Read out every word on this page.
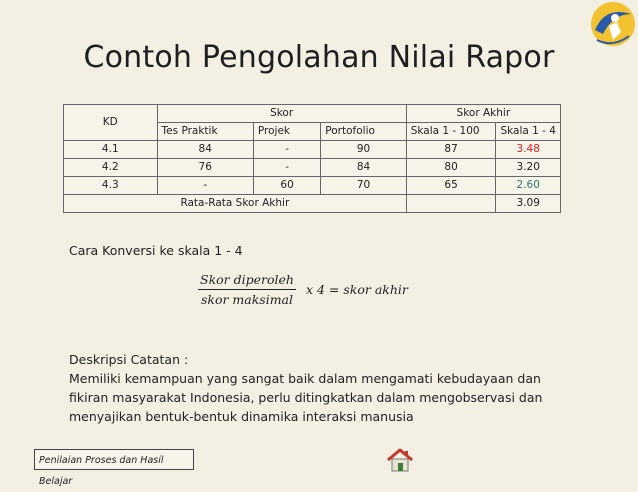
Contoh Pengolahan Nilai Rapor
KD	Skor			Skor Akhir	
	Tes Praktik	Projek	Portofolio	Skala 1 - 100	Skala 1 - 4
4.1	84	-	90	87	3.48
4.2	76	-	84	80	3.20
4.3	-	60	70	65	2.60
Rata-Rata Skor Akhir					3.09
Cara Konversi ke skala 1 - 4
$\frac{\text{Skor diperoleh}}{\text{skor maksimal}}$ x 4 = skor akhir
Deskripsi Catatan :
Memiliki kemampuan yang sangat baik dalam mengamati kebudayaan dan
fikiran masyarakat Indonesia, perlu ditingkatkan dalam mengobservasi dan
menyajikan bentuk-bentuk dinamika interaksi manusia
Penilaian Proses dan Hasil Belajar
